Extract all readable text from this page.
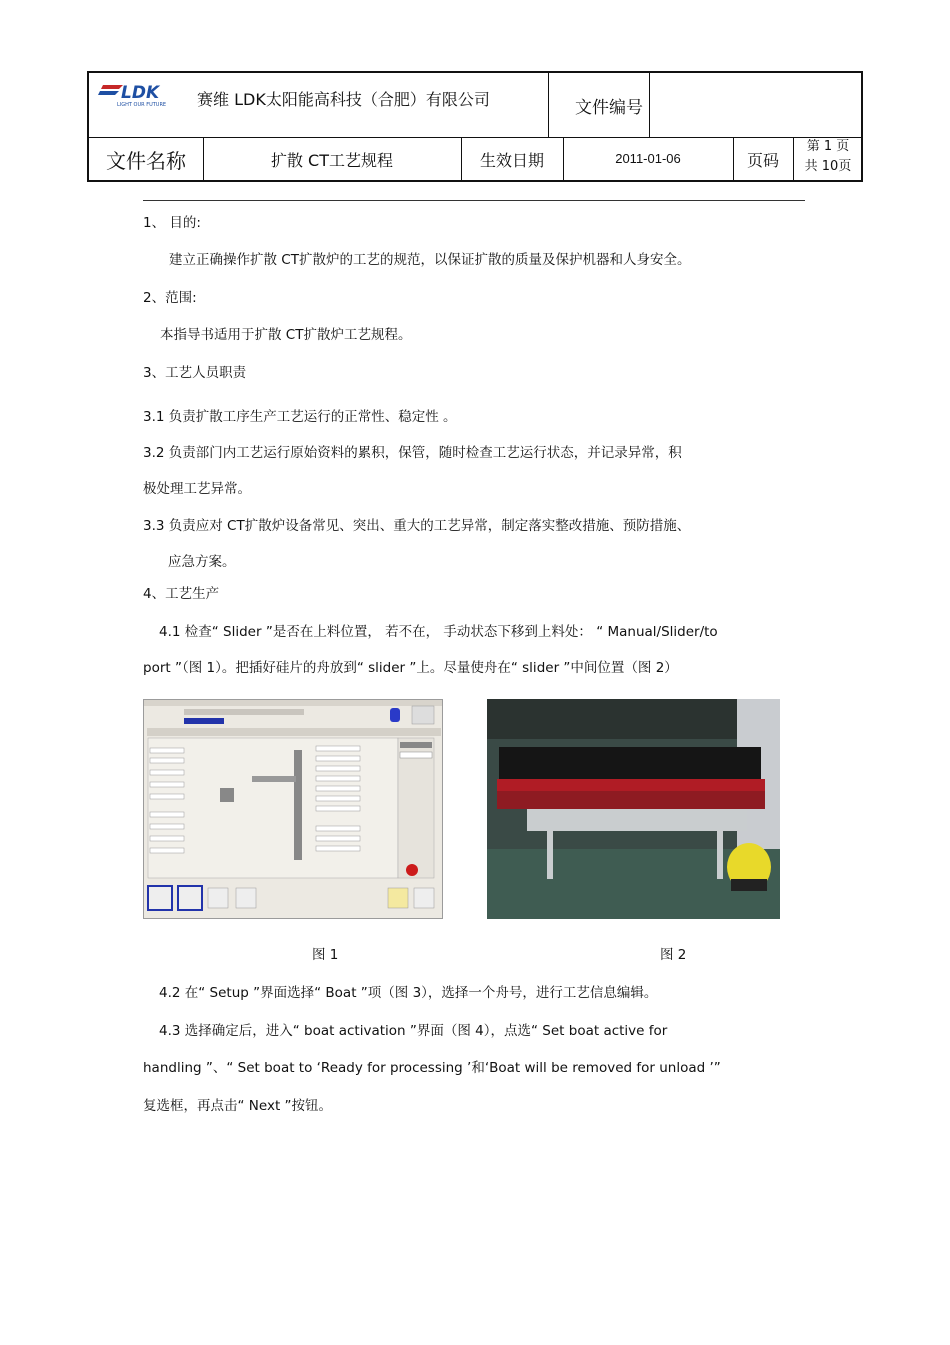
LDK
LIGHT OUR FUTURE 赛维 LDK太阳能高科技（合肥）有限公司	文件编号
文件名称	扩散 CT工艺规程	生效日期	2011-01-06	页码
第 1 页
共 10页
1、 目的:
建立正确操作扩散 CT扩散炉的工艺的规范，以保证扩散的质量及保护机器和人身安全。
2、范围:
本指导书适用于扩散 CT扩散炉工艺规程。
3、工艺人员职责
3.1 负责扩散工序生产工艺运行的正常性、稳定性 。
3.2 负责部门内工艺运行原始资料的累积，保管，随时检查工艺运行状态，并记录异常，积
极处理工艺异常。
3.3 负责应对 CT扩散炉设备常见、突出、重大的工艺异常，制定落实整改措施、预防措施、
应急方案。
4、工艺生产
4.1 检查“ Slider ”是否在上料位置， 若不在， 手动状态下移到上料处： “ Manual/Slider/to
port ”（图 1）。把插好硅片的舟放到“ slider ”上。尽量使舟在“ slider ”中间位置（图 2）
图 1	图 2
4.2 在“ Setup ”界面选择“ Boat ”项（图 3），选择一个舟号，进行工艺信息编辑。
4.3 选择确定后，进入“ boat activation ”界面（图 4），点选“ Set boat active for
handling ”、“ Set boat to ‘Ready for processing ’和‘Boat will be removed for unload ’”
复选框，再点击“ Next ”按钮。
